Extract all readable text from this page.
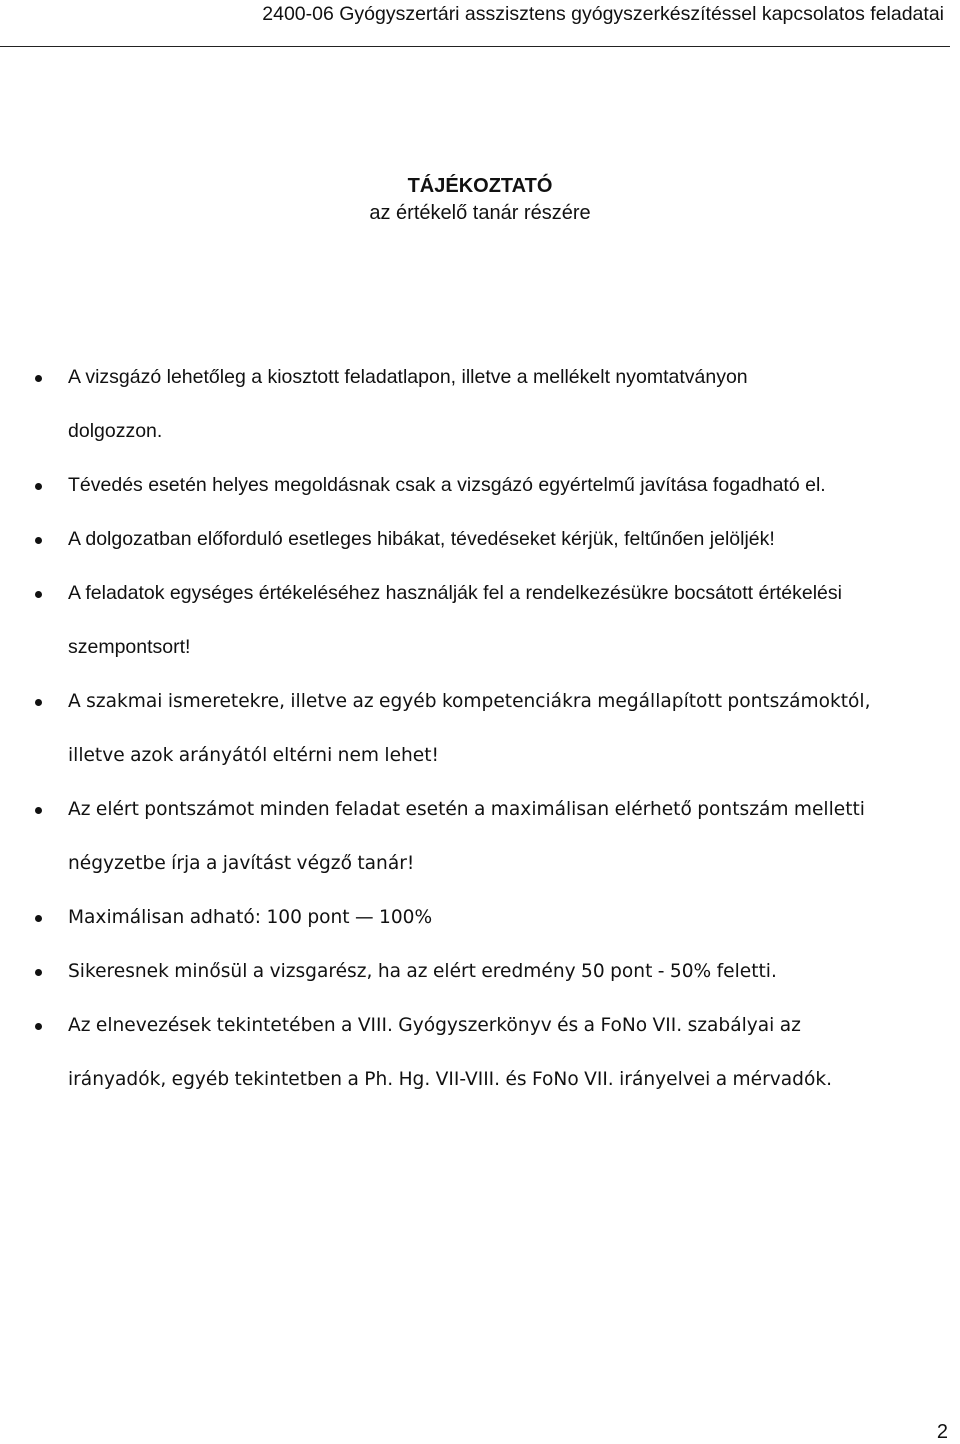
2400-06 Gyógyszertári asszisztens gyógyszerkészítéssel kapcsolatos feladatai
TÁJÉKOZTATÓ
az értékelő tanár részére
A vizsgázó lehetőleg a kiosztott feladatlapon, illetve a mellékelt nyomtatványon
dolgozzon.
Tévedés esetén helyes megoldásnak csak a vizsgázó egyértelmű javítása fogadható el.
A dolgozatban előforduló esetleges hibákat, tévedéseket kérjük, feltűnően jelöljék!
A feladatok egységes értékeléséhez használják fel a rendelkezésükre bocsátott értékelési
szempontsort!
A szakmai ismeretekre, illetve az egyéb kompetenciákra megállapított pontszámoktól,
illetve azok arányától eltérni nem lehet!
Az elért pontszámot minden feladat esetén a maximálisan elérhető pontszám melletti
négyzetbe írja a javítást végző tanár!
Maximálisan adható: 100 pont — 100%
Sikeresnek minősül a vizsgarész, ha az elért eredmény 50 pont - 50% feletti.
Az elnevezések tekintetében a VIII. Gyógyszerkönyv és a FoNo VII. szabályai az
irányadók, egyéb tekintetben a Ph. Hg. VII-VIII. és FoNo VII. irányelvei a mérvadók.
2
